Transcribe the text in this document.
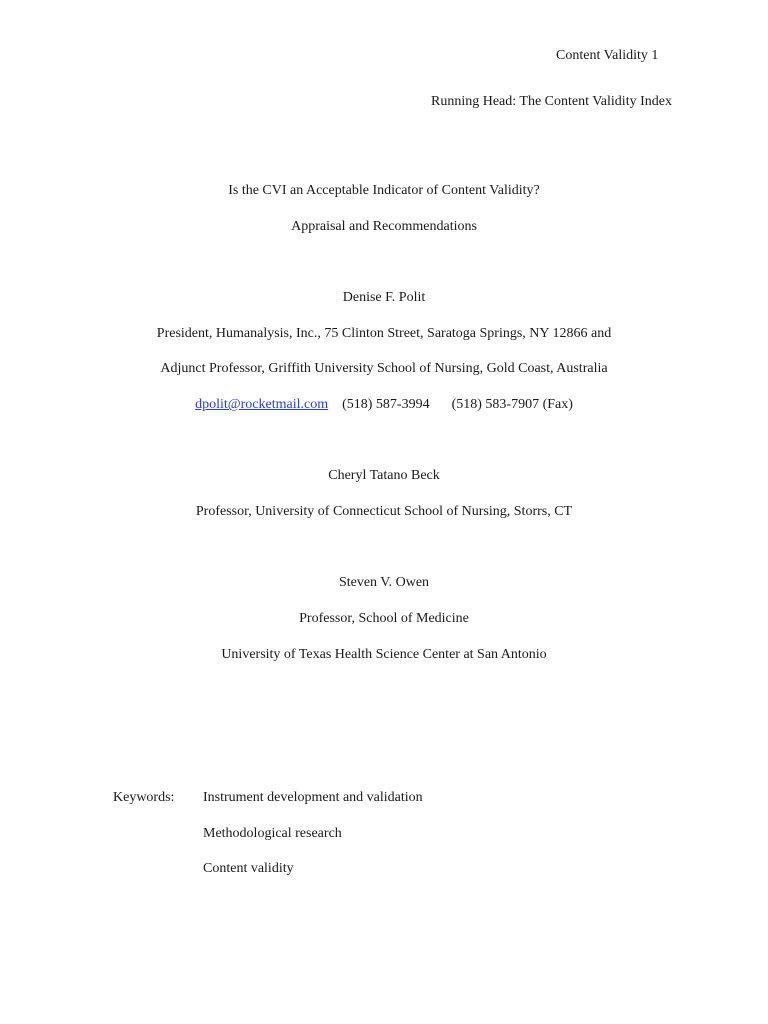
Content Validity 1
Running Head: The Content Validity Index
Is the CVI an Acceptable Indicator of Content Validity?
Appraisal and Recommendations
Denise F. Polit
President, Humanalysis, Inc., 75 Clinton Street, Saratoga Springs, NY 12866 and
Adjunct Professor, Griffith University School of Nursing, Gold Coast, Australia
dpolit@rocketmail.com (518) 587-3994 (518) 583-7907 (Fax)
Cheryl Tatano Beck
Professor, University of Connecticut School of Nursing, Storrs, CT
Steven V. Owen
Professor, School of Medicine
University of Texas Health Science Center at San Antonio
Keywords: Instrument development and validation
Methodological research
Content validity
